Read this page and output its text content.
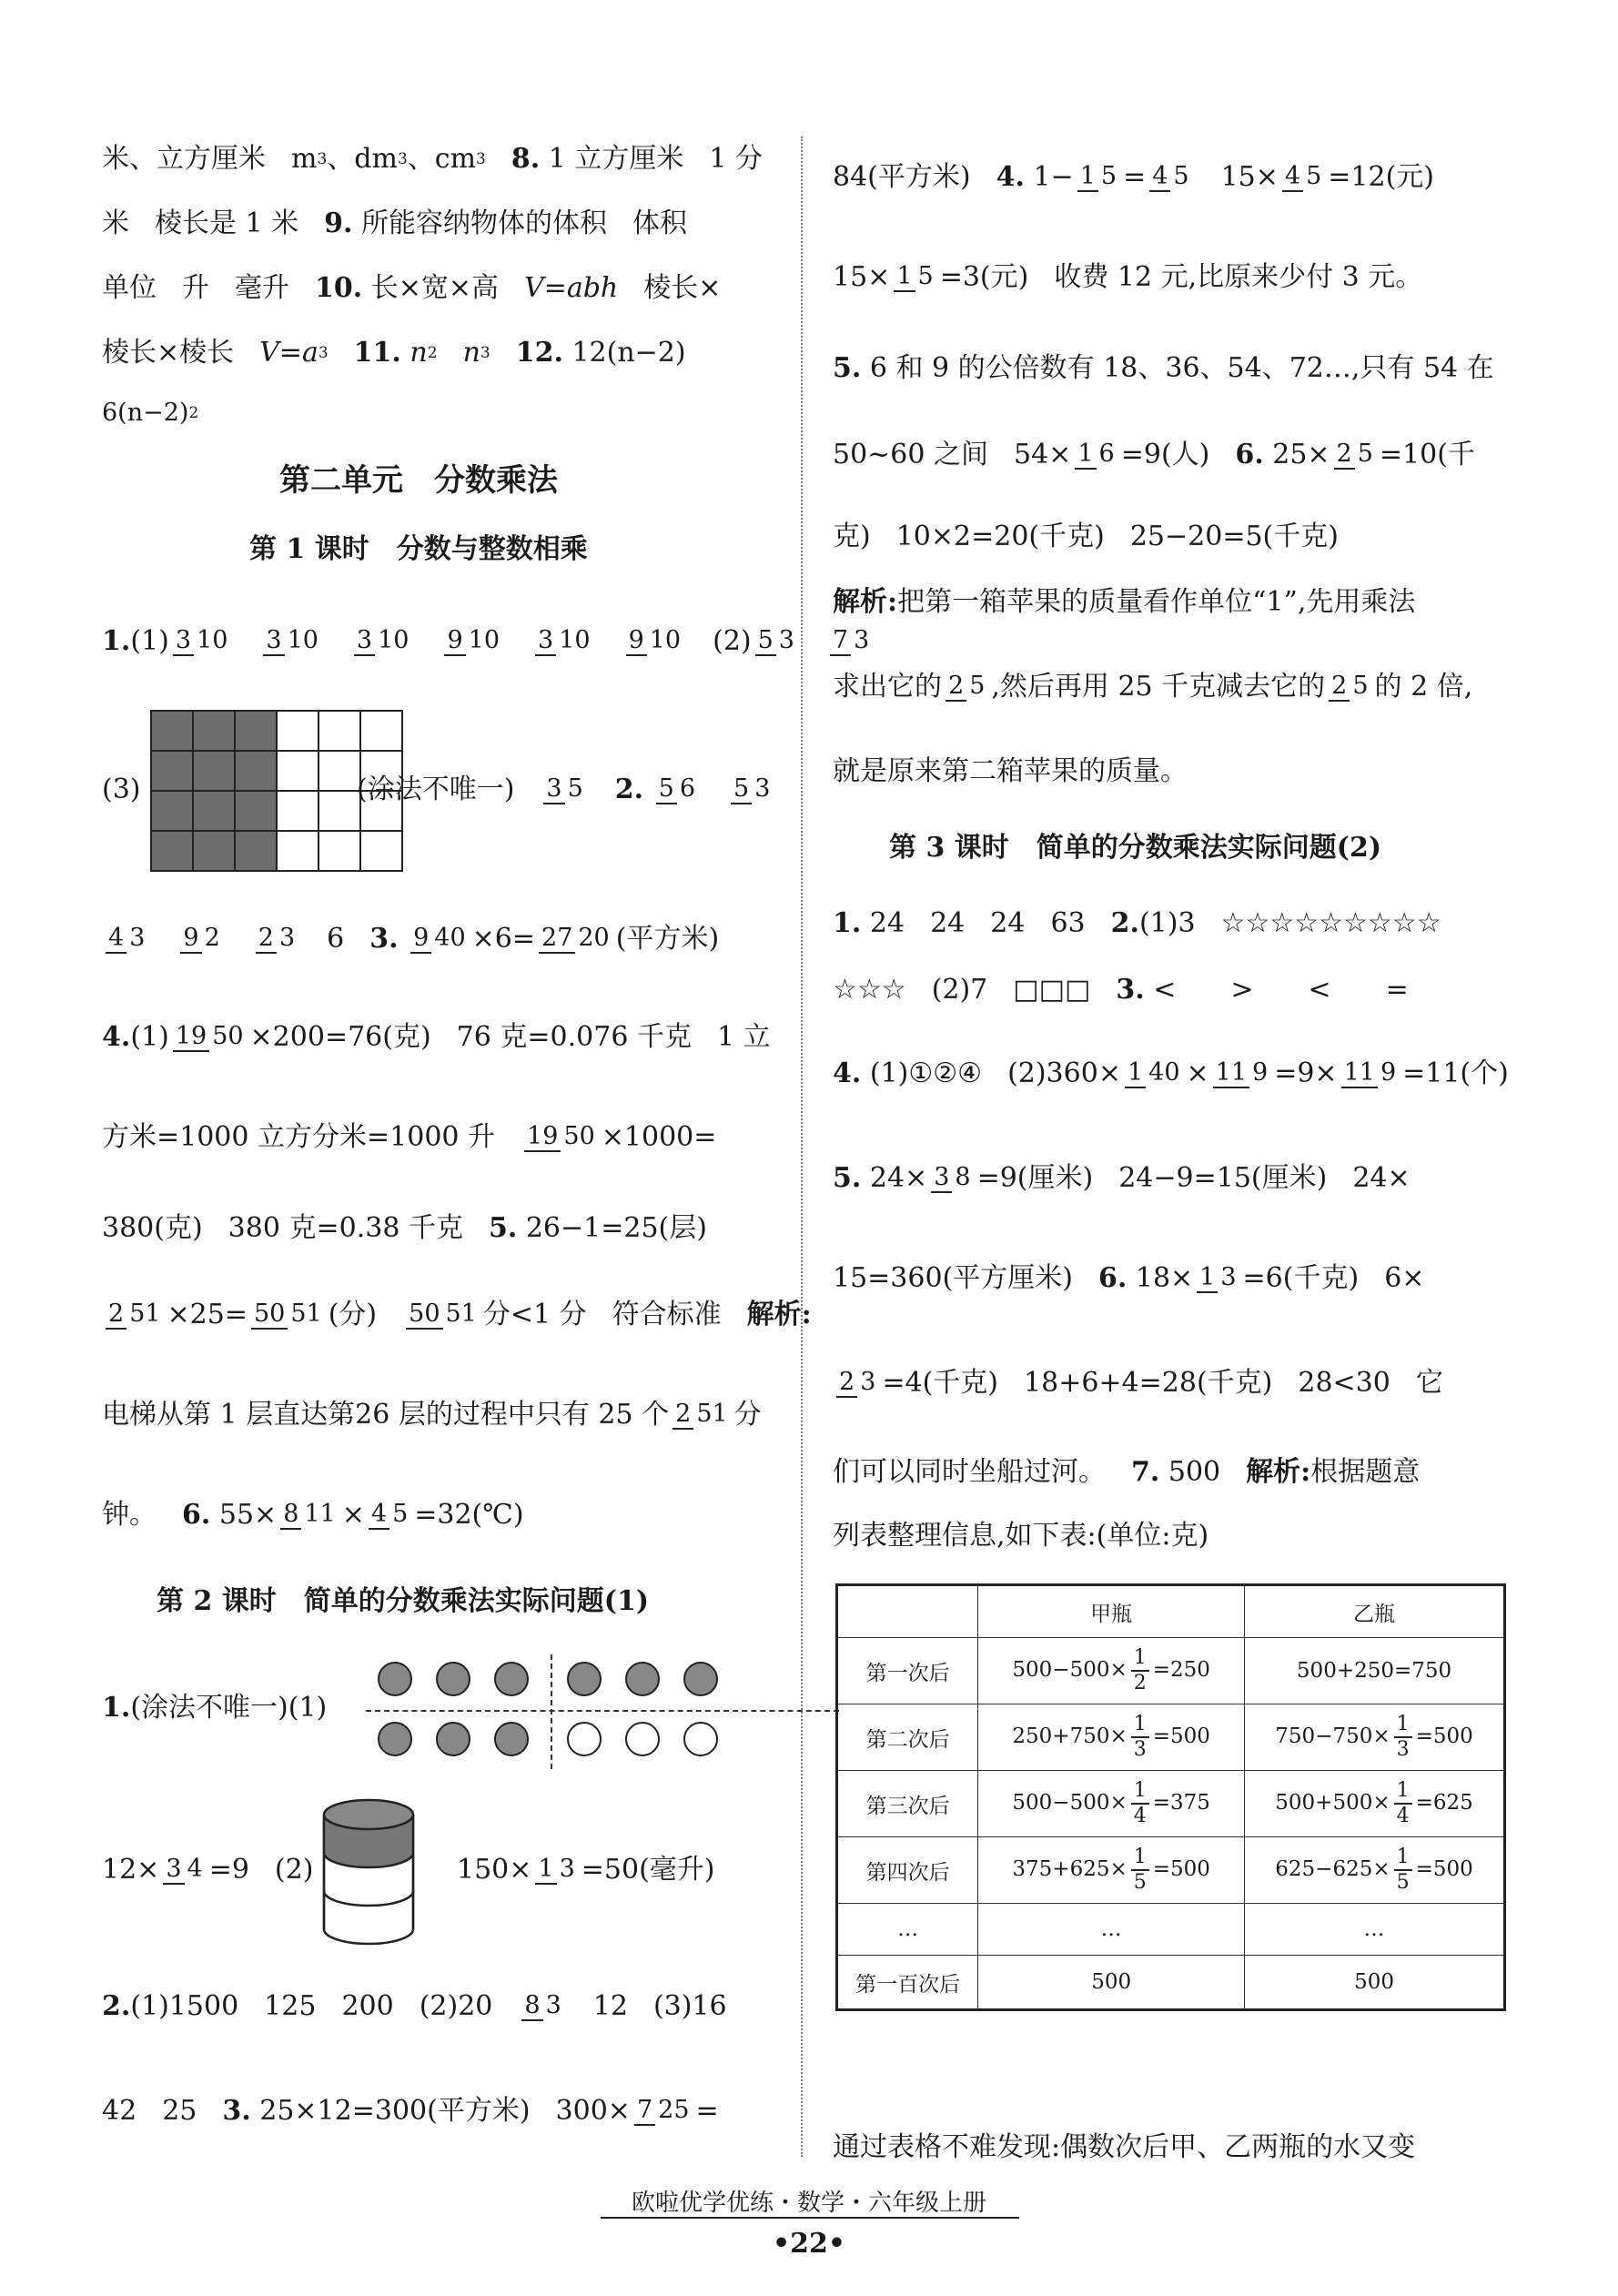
米、立方厘米 m 3 、dm 3 、cm 3 8.
1 立方厘米 1 分
米 棱长是 1 米 9.
所能容纳物体的体积 体积
单位 升 毫升 10.
长×宽×高 V=abh 棱长×
棱长×棱长 V=a 3 11.
n 2 n 3 12.
12(n−2)
6(n−2) 2
第二单元　分数乘法
第 1 课时　分数与整数相乘
1. (1) 3 10 3 10 3 10 9 10 3 10 9 10 (2) 5 3 7 3

(3)	(涂法不唯一) 3 5 2.
5 6 5 3
4 3 9 2 2 3 6 3.
9 40 ×6= 27 20 (平方米)
4. (1) 19 50 ×200=76(克) 76 克=0.076 千克 1 立
方米=1000 立方分米=1000 升 19 50 ×1000=
380(克) 380 克=0.38 千克 5.
26−1=25(层)
2 51 ×25= 50 51 (分) 50 51 分<1 分 符合标准 解析:
电梯从第 1 层直达第26 层的过程中只有 25 个 2 51 分
钟。 6.
55× 8 11 × 4 5 =32(℃)
第 2 课时　简单的分数乘法实际问题(1)
1. (涂法不唯一)(1)
12× 3 4 =9 (2)	150× 1 3 =50(毫升)
2. (1)1500 125 200 (2)20 8 3 12 (3)16
42 25 3.
25×12=300(平方米) 300× 7 25 =
84(平方米) 4.
1− 1 5 = 4 5 15× 4 5 =12(元)
15× 1 5 =3(元) 收费 12 元,比原来少付 3 元。
5.
6 和 9 的公倍数有 18、36、54、72…,只有 54 在
50~60 之间 54× 1 6 =9(人) 6.
25× 2 5 =10(千
克) 10×2=20(千克) 25−20=5(千克)
解析: 把第一箱苹果的质量看作单位“1”,先用乘法
求出它的 2 5 ,然后再用 25 千克减去它的 2 5 的 2 倍,
就是原来第二箱苹果的质量。
第 3 课时　简单的分数乘法实际问题(2)
1.
24 24 24 63 2. (1)3 ☆☆☆☆☆☆☆☆☆
☆☆☆ (2)7 □□□ 3.
< > < =
4.
(1)①②④ (2)360× 1 40 × 11 9 =9× 11 9 =11(个)
5.
24× 3 8 =9(厘米) 24−9=15(厘米) 24×
15=360(平方厘米) 6.
18× 1 3 =6(千克) 6×
2 3 =4(千克) 18+6+4=28(千克) 28<30 它
们可以同时坐船过河。 7.
500 解析: 根据题意
列表整理信息,如下表:(单位:克)
	甲瓶	乙瓶
第一次后	$500-500\times \frac{1}{2} =250$	500+250=750
第二次后	$250+750\times \frac{1}{3} =500$	$750-750\times \frac{1}{3} =500$
第三次后	$500-500\times \frac{1}{4} =375$	$500+500\times \frac{1}{4} =625$
第四次后	$375+625\times \frac{1}{5} =500$	$625-625\times \frac{1}{5} =500$
…	…	…
第一百次后	500	500
通过表格不难发现:偶数次后甲、乙两瓶的水又变
欧啦优学优练・数学・六年级上册
•22•
